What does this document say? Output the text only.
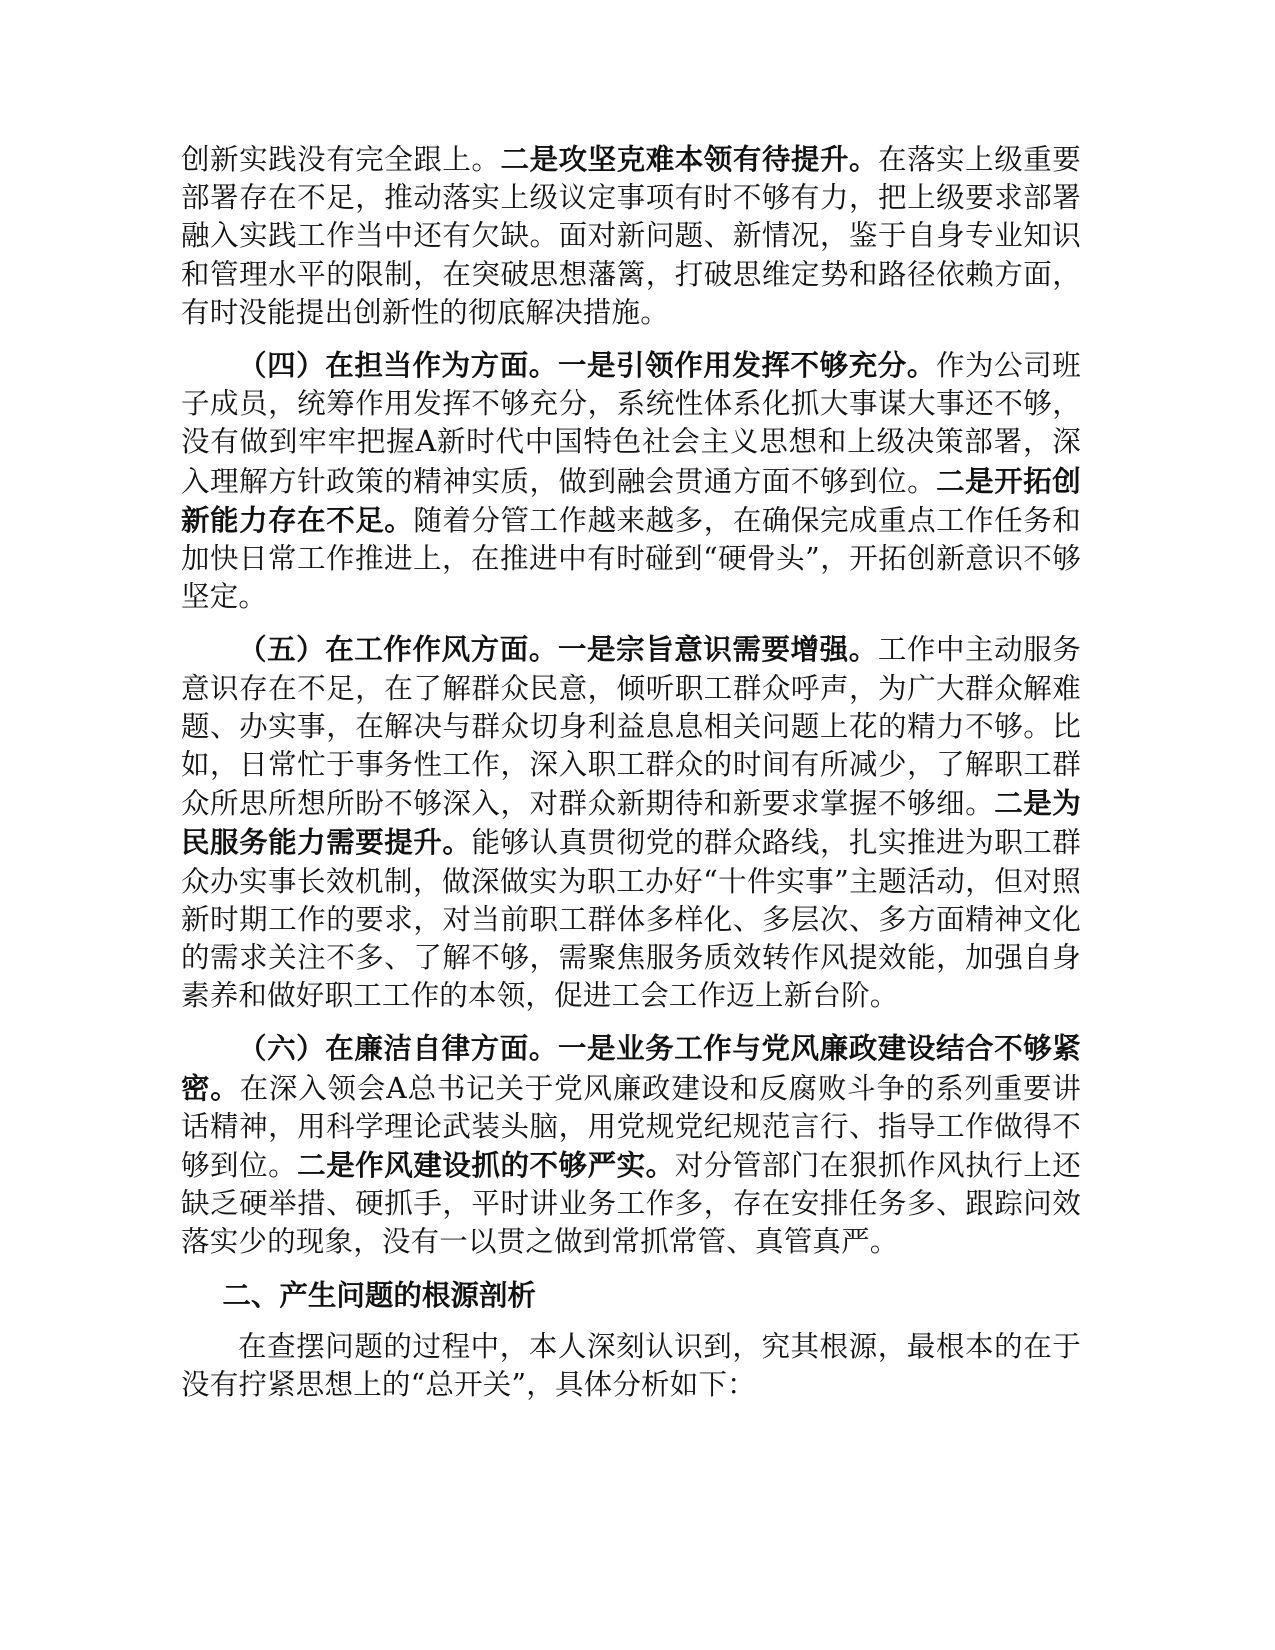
创新实践没有完全跟上。二是攻坚克难本领有待提升。在落实上级重要部署存在不足，推动落实上级议定事项有时不够有力，把上级要求部署融入实践工作当中还有欠缺。面对新问题、新情况，鉴于自身专业知识和管理水平的限制，在突破思想藩篱，打破思维定势和路径依赖方面，有时没能提出创新性的彻底解决措施。

（四）在担当作为方面。一是引领作用发挥不够充分。作为公司班子成员，统筹作用发挥不够充分，系统性体系化抓大事谋大事还不够，没有做到牢牢把握A新时代中国特色社会主义思想和上级决策部署，深入理解方针政策的精神实质，做到融会贯通方面不够到位。二是开拓创新能力存在不足。随着分管工作越来越多，在确保完成重点工作任务和加快日常工作推进上，在推进中有时碰到“硬骨头”，开拓创新意识不够坚定。

（五）在工作作风方面。一是宗旨意识需要增强。工作中主动服务意识存在不足，在了解群众民意，倾听职工群众呼声，为广大群众解难题、办实事，在解决与群众切身利益息息相关问题上花的精力不够。比如，日常忙于事务性工作，深入职工群众的时间有所减少，了解职工群众所思所想所盼不够深入，对群众新期待和新要求掌握不够细。二是为民服务能力需要提升。能够认真贯彻党的群众路线，扎实推进为职工群众办实事长效机制，做深做实为职工办好“十件实事”主题活动，但对照新时期工作的要求，对当前职工群体多样化、多层次、多方面精神文化的需求关注不多、了解不够，需聚焦服务质效转作风提效能，加强自身素养和做好职工工作的本领，促进工会工作迈上新台阶。

（六）在廉洁自律方面。一是业务工作与党风廉政建设结合不够紧密。在深入领会A总书记关于党风廉政建设和反腐败斗争的系列重要讲话精神，用科学理论武装头脑，用党规党纪规范言行、指导工作做得不够到位。二是作风建设抓的不够严实。对分管部门在狠抓作风执行上还缺乏硬举措、硬抓手，平时讲业务工作多，存在安排任务多、跟踪问效落实少的现象，没有一以贯之做到常抓常管、真管真严。

二、产生问题的根源剖析

在查摆问题的过程中，本人深刻认识到，究其根源，最根本的在于没有拧紧思想上的“总开关”，具体分析如下：
